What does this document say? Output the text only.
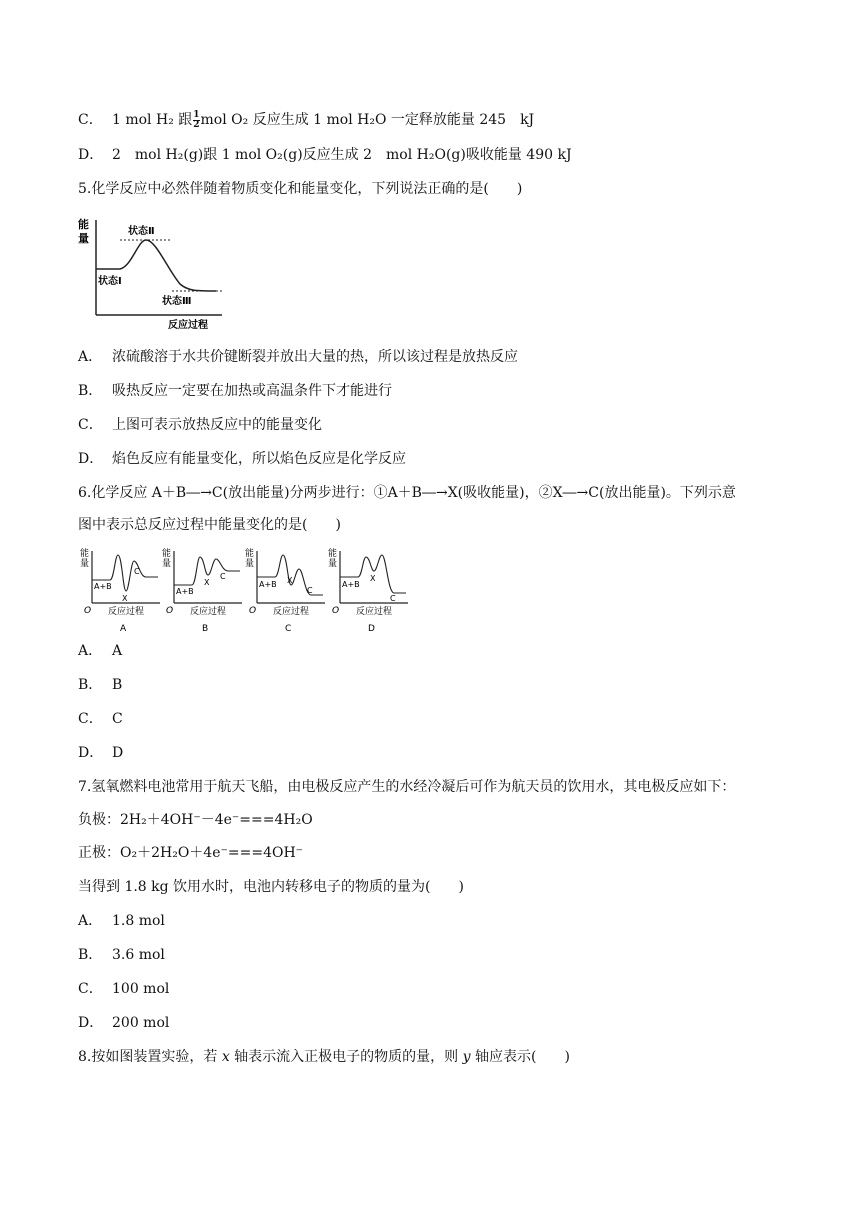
C． 1 mol H₂ 跟 $\frac{1}{2}$ mol O₂ 反应生成 1 mol H₂O 一定释放能量 245　kJ
D． 2　mol H₂(g)跟 1 mol O₂(g)反应生成 2　mol H₂O(g)吸收能量 490 kJ
5.化学反应中必然伴随着物质变化和能量变化，下列说法正确的是(　　)
能
量
状态Ⅱ
状态Ⅰ
状态Ⅲ
反应过程
A． 浓硫酸溶于水共价键断裂并放出大量的热，所以该过程是放热反应
B． 吸热反应一定要在加热或高温条件下才能进行
C． 上图可表示放热反应中的能量变化
D． 焰色反应有能量变化，所以焰色反应是化学反应
6.化学反应 A＋B―→C(放出能量)分两步进行：①A＋B―→X(吸收能量)，②X―→C(放出能量)。下列示意
图中表示总反应过程中能量变化的是(　　)
能
量
O
A+B
X
C
反应过程
A
能
量
O
A+B
X
C
反应过程
B
能
量
O
A+B X
C
反应过程
C
能
量
O
A+B
X
C
反应过程
D
A． A
B． B
C． C
D． D
7.氢氧燃料电池常用于航天飞船，由电极反应产生的水经冷凝后可作为航天员的饮用水，其电极反应如下：
负极：2H₂＋4OH⁻－4e⁻===4H₂O
正极：O₂＋2H₂O＋4e⁻===4OH⁻
当得到 1.8 kg 饮用水时，电池内转移电子的物质的量为(　　)
A． 1.8 mol
B． 3.6 mol
C． 100 mol
D． 200 mol
8.按如图装置实验，若 x 轴表示流入正极电子的物质的量，则 y 轴应表示(　　)
